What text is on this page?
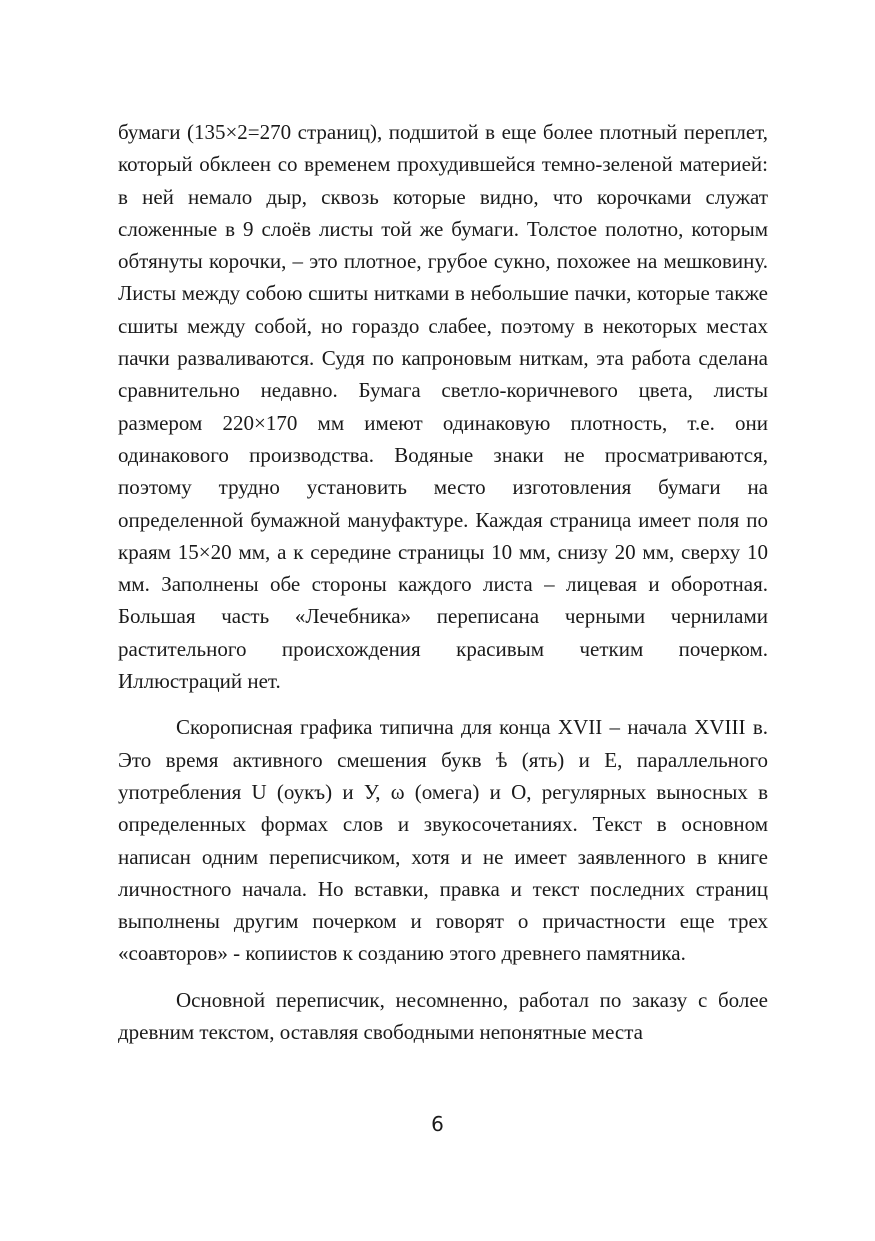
бумаги (135×2=270 страниц), подшитой в еще более плотный переплет, который обклеен со временем прохудившейся темно-зеленой материей: в ней немало дыр, сквозь которые видно, что корочками служат сложенные в 9 слоёв листы той же бумаги. Толстое полотно, которым обтянуты корочки, – это плотное, грубое сукно, похожее на мешковину. Листы между собою сшиты нитками в небольшие пачки, которые также сшиты между собой, но гораздо слабее, поэтому в некоторых местах пачки разваливаются. Судя по капроновым ниткам, эта работа сделана сравнительно недавно. Бумага светло-коричневого цвета, листы размером 220×170 мм имеют одинаковую плотность, т.е. они одинакового производства. Водяные знаки не просматриваются, поэтому трудно установить место изготовления бумаги на определенной бумажной мануфактуре. Каждая страница имеет поля по краям 15×20 мм, а к середине страницы 10 мм, снизу 20 мм, сверху 10 мм. Заполнены обе стороны каждого листа – лицевая и оборотная. Большая часть «Лечебника» переписана черными чернилами растительного происхождения красивым четким почерком. Иллюстраций нет.

Скорописная графика типична для конца XVII – начала XVIII в. Это время активного смешения букв ѣ (ять) и Е, параллельного употребления U (оукъ) и У, ω (омега) и О, регулярных выносных в определенных формах слов и звукосочетаниях. Текст в основном написан одним переписчиком, хотя и не имеет заявленного в книге личностного начала. Но вставки, правка и текст последних страниц выполнены другим почерком и говорят о причастности еще трех «соавторов» - копиистов к созданию этого древнего памятника.

Основной переписчик, несомненно, работал по заказу с более древним текстом, оставляя свободными непонятные места

6
